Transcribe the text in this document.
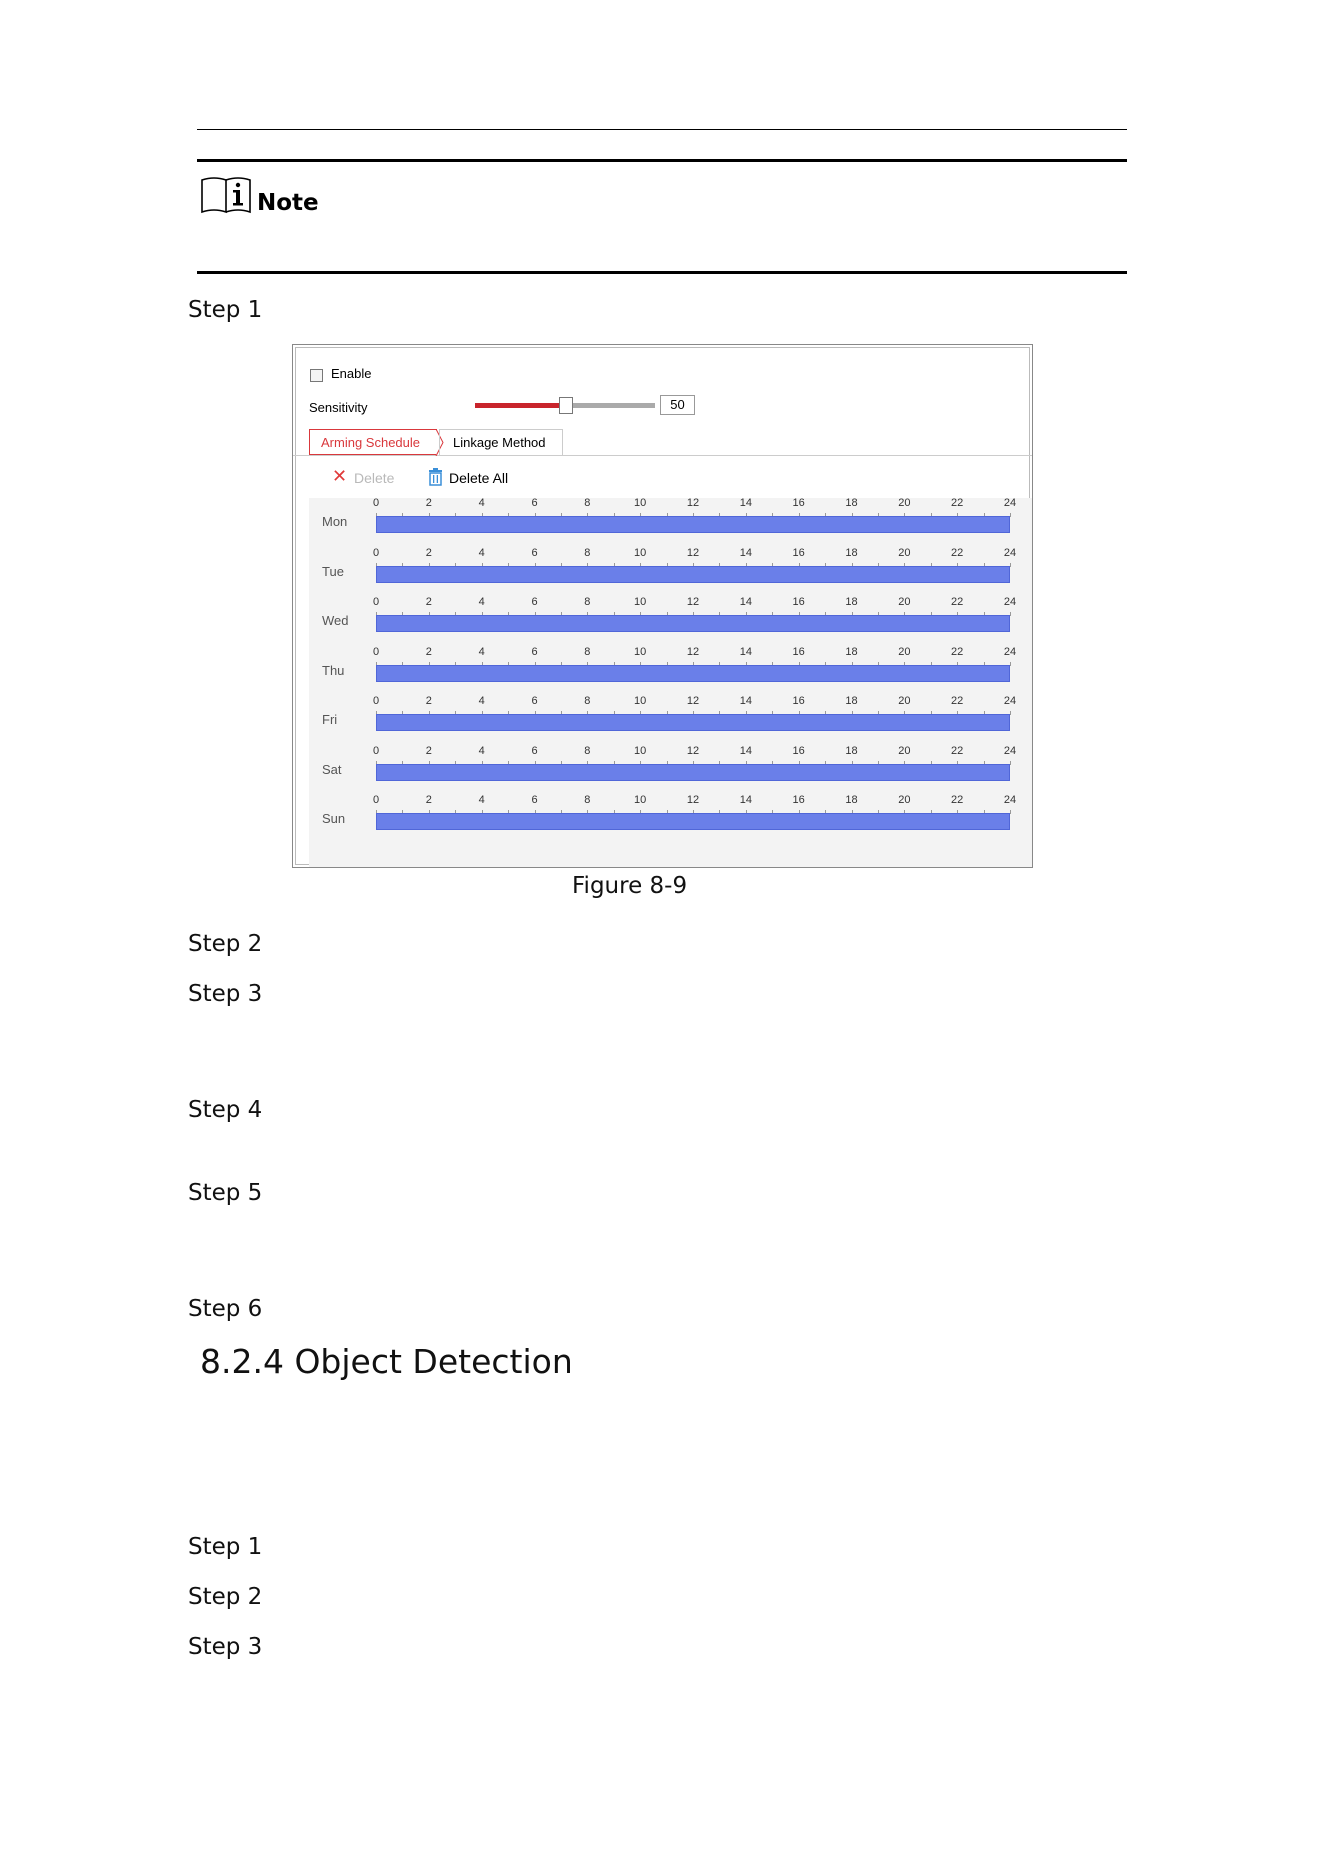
Note
Step 1
Step 2
Step 3
Step 4
Step 5
Step 6
Enable
Sensitivity	50
Arming Schedule	Linkage Method
✕ Delete	Delete All
0	2	4	6	8	10	12	14	16	18	20	22	24
Mon
0	2	4	6	8	10	12	14	16	18	20	22	24
Tue
0	2	4	6	8	10	12	14	16	18	20	22	24
Wed
0	2	4	6	8	10	12	14	16	18	20	22	24
Thu
0	2	4	6	8	10	12	14	16	18	20	22	24
Fri
0	2	4	6	8	10	12	14	16	18	20	22	24
Sat
0	2	4	6	8	10	12	14	16	18	20	22	24
Sun
Figure 8-9
8.2.4 Object Detection
Step 1
Step 2
Step 3
